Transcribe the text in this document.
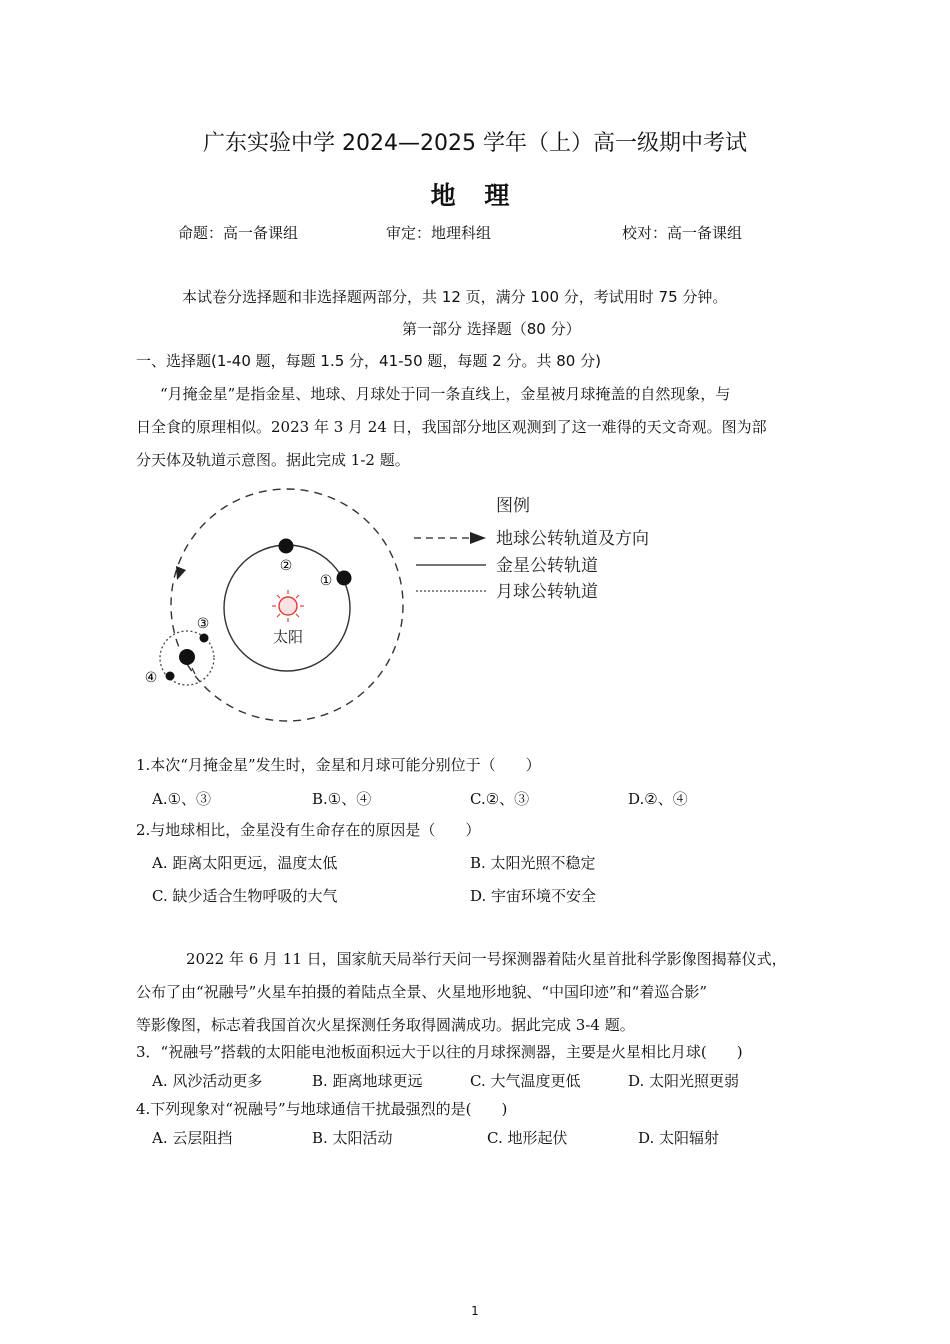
广东实验中学 2024—2025 学年（上）高一级期中考试
地 理
命题：高一备课组	审定：地理科组	校对：高一备课组
本试卷分选择题和非选择题两部分，共 12 页，满分 100 分，考试用时 75 分钟。
第一部分 选择题（80 分）
一、选择题(1-40 题，每题 1.5 分，41-50 题，每题 2 分。共 80 分)
“月掩金星”是指金星、地球、月球处于同一条直线上，金星被月球掩盖的自然现象，与
日全食的原理相似。2023 年 3 月 24 日，我国部分地区观测到了这一难得的天文奇观。图为部
分天体及轨道示意图。据此完成 1-2 题。
太阳
②
①
③
④
图例
地球公转轨道及方向
金星公转轨道
月球公转轨道
1.本次“月掩金星”发生时，金星和月球可能分别位于（　　）
A.①、③	B.①、④	C.②、③	D.②、④
2.与地球相比，金星没有生命存在的原因是（　　）
A. 距离太阳更远，温度太低	B. 太阳光照不稳定
C. 缺少适合生物呼吸的大气	D. 宇宙环境不安全
2022 年 6 月 11 日，国家航天局举行天问一号探测器着陆火星首批科学影像图揭幕仪式，
公布了由“祝融号”火星车拍摄的着陆点全景、火星地形地貌、“中国印迹”和“着巡合影”
等影像图，标志着我国首次火星探测任务取得圆满成功。据此完成 3-4 题。
3．“祝融号”搭载的太阳能电池板面积远大于以往的月球探测器，主要是火星相比月球(　　)
A. 风沙活动更多	B. 距离地球更远	C. 大气温度更低	D. 太阳光照更弱
4.下列现象对“祝融号”与地球通信干扰最强烈的是(　　)
A. 云层阻挡	B. 太阳活动	C. 地形起伏	D. 太阳辐射
1
